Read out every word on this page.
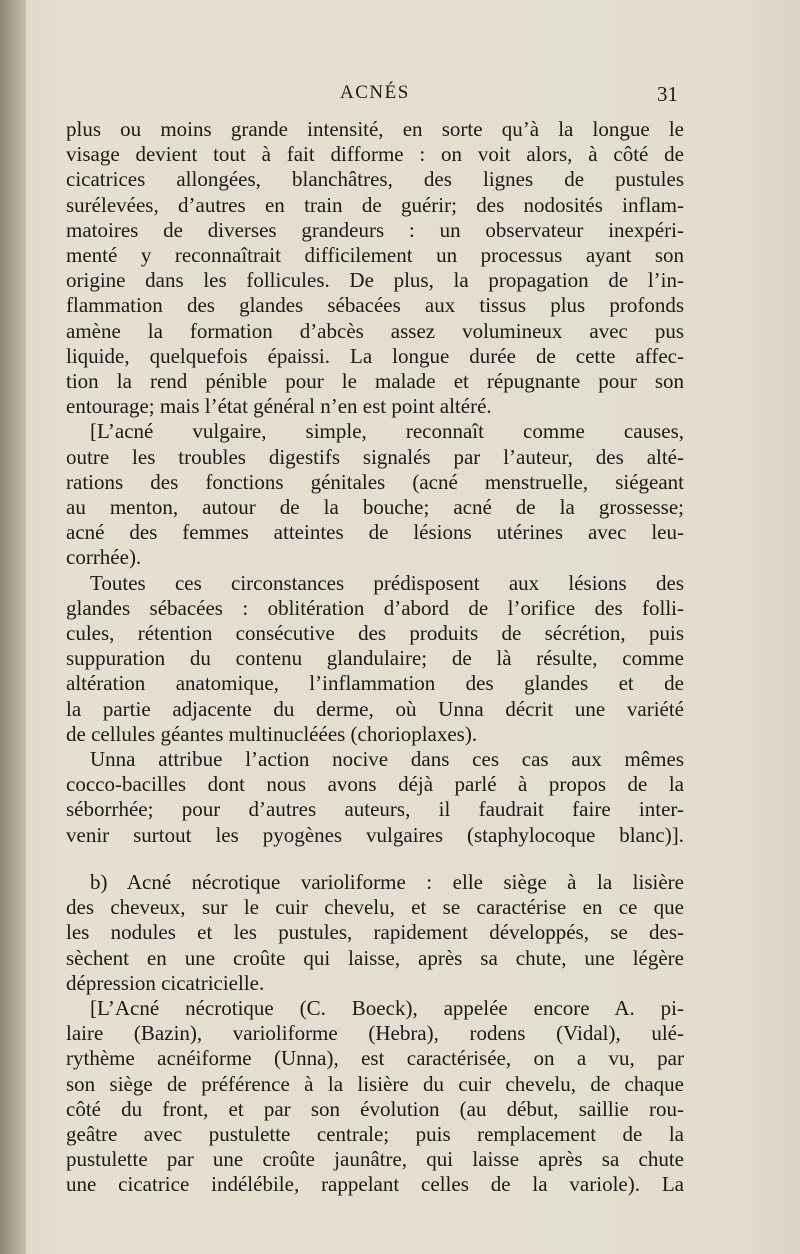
ACNÉS	31

plus ou moins grande intensité, en sorte qu’à la longue le
visage devient tout à fait difforme : on voit alors, à côté de
cicatrices allongées, blanchâtres, des lignes de pustules
surélevées, d’autres en train de guérir; des nodosités inflam-
matoires de diverses grandeurs : un observateur inexpéri-
menté y reconnaîtrait difficilement un processus ayant son
origine dans les follicules. De plus, la propagation de l’in-
flammation des glandes sébacées aux tissus plus profonds
amène la formation d’abcès assez volumineux avec pus
liquide, quelquefois épaissi. La longue durée de cette affec-
tion la rend pénible pour le malade et répugnante pour son
entourage; mais l’état général n’en est point altéré.

[L’acné vulgaire, simple, reconnaît comme causes,
outre les troubles digestifs signalés par l’auteur, des alté-
rations des fonctions génitales (acné menstruelle, siégeant
au menton, autour de la bouche; acné de la grossesse;
acné des femmes atteintes de lésions utérines avec leu-
corrhée).

Toutes ces circonstances prédisposent aux lésions des
glandes sébacées : oblitération d’abord de l’orifice des folli-
cules, rétention consécutive des produits de sécrétion, puis
suppuration du contenu glandulaire; de là résulte, comme
altération anatomique, l’inflammation des glandes et de
la partie adjacente du derme, où Unna décrit une variété
de cellules géantes multinucléées (chorioplaxes).

Unna attribue l’action nocive dans ces cas aux mêmes
cocco-bacilles dont nous avons déjà parlé à propos de la
séborrhée; pour d’autres auteurs, il faudrait faire inter-
venir surtout les pyogènes vulgaires (staphylocoque blanc)].

b) Acné nécrotique varioliforme : elle siège à la lisière
des cheveux, sur le cuir chevelu, et se caractérise en ce que
les nodules et les pustules, rapidement développés, se des-
sèchent en une croûte qui laisse, après sa chute, une légère
dépression cicatricielle.

[L’Acné nécrotique (C. Boeck), appelée encore A. pi-
laire (Bazin), varioliforme (Hebra), rodens (Vidal), ulé-
rythème acnéiforme (Unna), est caractérisée, on a vu, par
son siège de préférence à la lisière du cuir chevelu, de chaque
côté du front, et par son évolution (au début, saillie rou-
geâtre avec pustulette centrale; puis remplacement de la
pustulette par une croûte jaunâtre, qui laisse après sa chute
une cicatrice indélébile, rappelant celles de la variole). La
